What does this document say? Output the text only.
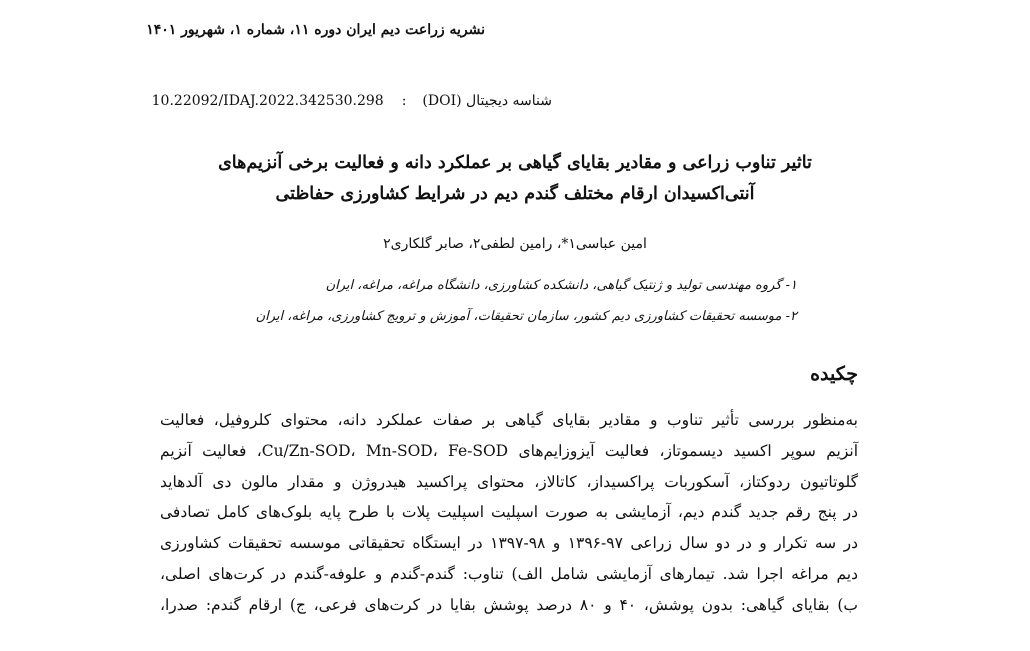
نشریه زراعت دیم ایران دوره ۱۱، شماره ۱، شهریور ۱۴۰۱
شناسه دیجیتال (DOI):10.22092/IDAJ.2022.342530.298
تاثیر تناوب زراعی و مقادیر بقایای گیاهی بر عملکرد دانه و فعالیت برخی آنزیم‌های
آنتی‌اکسیدان ارقام مختلف گندم دیم در شرایط کشاورزی حفاظتی
امین عباسی۱*، رامین لطفی۲، صابر گلکاری۲
۱- گروه مهندسی تولید و ژنتیک گیاهی، دانشکده کشاورزی، دانشگاه مراغه، مراغه، ایران
۲- موسسه تحقیقات کشاورزی دیم کشور، سازمان تحقیقات، آموزش و ترویج کشاورزی، مراغه، ایران
چکیده
به‌منظور بررسی تأثیر تناوب و مقادیر بقایای گیاهی بر صفات عملکرد دانه، محتوای کلروفیل، فعالیت
آنزیم سوپر اکسید دیسموتاز، فعالیت آیزوزایم‌های Cu/Zn-SOD، Mn-SOD، Fe-SOD، فعالیت آنزیم
گلوتاتیون ردوکتاز، آسکوربات پراکسیداز، کاتالاز، محتوای پراکسید هیدروژن و مقدار مالون دی آلدهاید
در پنج رقم جدید گندم دیم، آزمایشی به صورت اسپلیت اسپلیت پلات با طرح پایه بلوک‌های کامل تصادفی
در سه تکرار و در دو سال زراعی ۹۷-۱۳۹۶ و ۹۸-۱۳۹۷ در ایستگاه تحقیقاتی موسسه تحقیقات کشاورزی
دیم مراغه اجرا شد. تیمارهای آزمایشی شامل الف) تناوب: گندم-گندم و علوفه-گندم در کرت‌های اصلی،
ب) بقایای گیاهی: بدون پوشش، ۴۰ و ۸۰ درصد پوشش بقایا در کرت‌های فرعی، ج) ارقام گندم: صدرا،
